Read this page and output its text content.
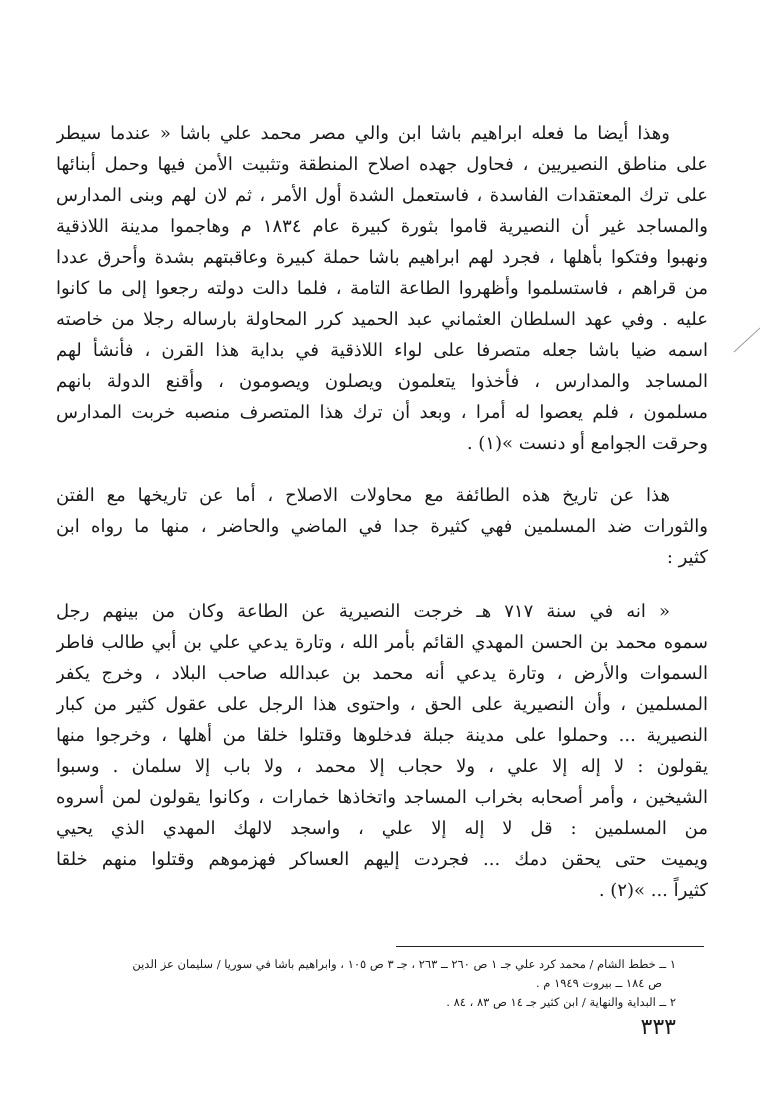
وهذا أيضا ما فعله ابراهيم باشا ابن والي مصر محمد علي باشا « عندما سيطر
على مناطق النصيريين ، فحاول جهده اصلاح المنطقة وتثبيت الأمن فيها وحمل أبنائها
على ترك المعتقدات الفاسدة ، فاستعمل الشدة أول الأمر ، ثم لان لهم وبنى المدارس
والمساجد غير أن النصيرية قاموا بثورة كبيرة عام ١٨٣٤ م وهاجموا مدينة اللاذقية
ونهبوا وفتكوا بأهلها ، فجرد لهم ابراهيم باشا حملة كبيرة وعاقبتهم بشدة وأحرق عددا
من قراهم ، فاستسلموا وأظهروا الطاعة التامة ، فلما دالت دولته رجعوا إلى ما كانوا
عليه . وفي عهد السلطان العثماني عبد الحميد كرر المحاولة بارساله رجلا من خاصته
اسمه ضيا باشا جعله متصرفا على لواء اللاذقية في بداية هذا القرن ، فأنشأ لهم
المساجد والمدارس ، فأخذوا يتعلمون ويصلون ويصومون ، وأقنع الدولة بانهم
مسلمون ، فلم يعصوا له أمرا ، وبعد أن ترك هذا المتصرف منصبه خربت المدارس
وحرقت الجوامع أو دنست »(١) .
هذا عن تاريخ هذه الطائفة مع محاولات الاصلاح ، أما عن تاريخها مع الفتن
والثورات ضد المسلمين فهي كثيرة جدا في الماضي والحاضر ، منها ما رواه ابن
كثير :
« انه في سنة ٧١٧ هـ خرجت النصيرية عن الطاعة وكان من بينهم رجل
سموه محمد بن الحسن المهدي القائم بأمر الله ، وتارة يدعي علي بن أبي طالب فاطر
السموات والأرض ، وتارة يدعي أنه محمد بن عبدالله صاحب البلاد ، وخرج يكفر
المسلمين ، وأن النصيرية على الحق ، واحتوى هذا الرجل على عقول كثير من كبار
النصيرية ... وحملوا على مدينة جبلة فدخلوها وقتلوا خلقا من أهلها ، وخرجوا منها
يقولون : لا إله إلا علي ، ولا حجاب إلا محمد ، ولا باب إلا سلمان . وسبوا
الشيخين ، وأمر أصحابه بخراب المساجد واتخاذها خمارات ، وكانوا يقولون لمن أسروه
من المسلمين : قل لا إله إلا علي ، واسجد لالهك المهدي الذي يحيي
ويميت حتى يحقن دمك ... فجردت إليهم العساكر فهزموهم وقتلوا منهم خلقا
كثيراً ... »(٢) .
١ ــ خطط الشام / محمد كرد علي جـ ١ ص ٢٦٠ ــ ٢٦٣ ، جـ ٣ ص ١٠٥ ، وابراهيم باشا في سوريا / سليمان عز الدين
ص ١٨٤ ــ بيروت ١٩٤٩ م .
٢ ــ البداية والنهاية / ابن كثير جـ ١٤ ص ٨٣ ، ٨٤ .
٣٣٣
